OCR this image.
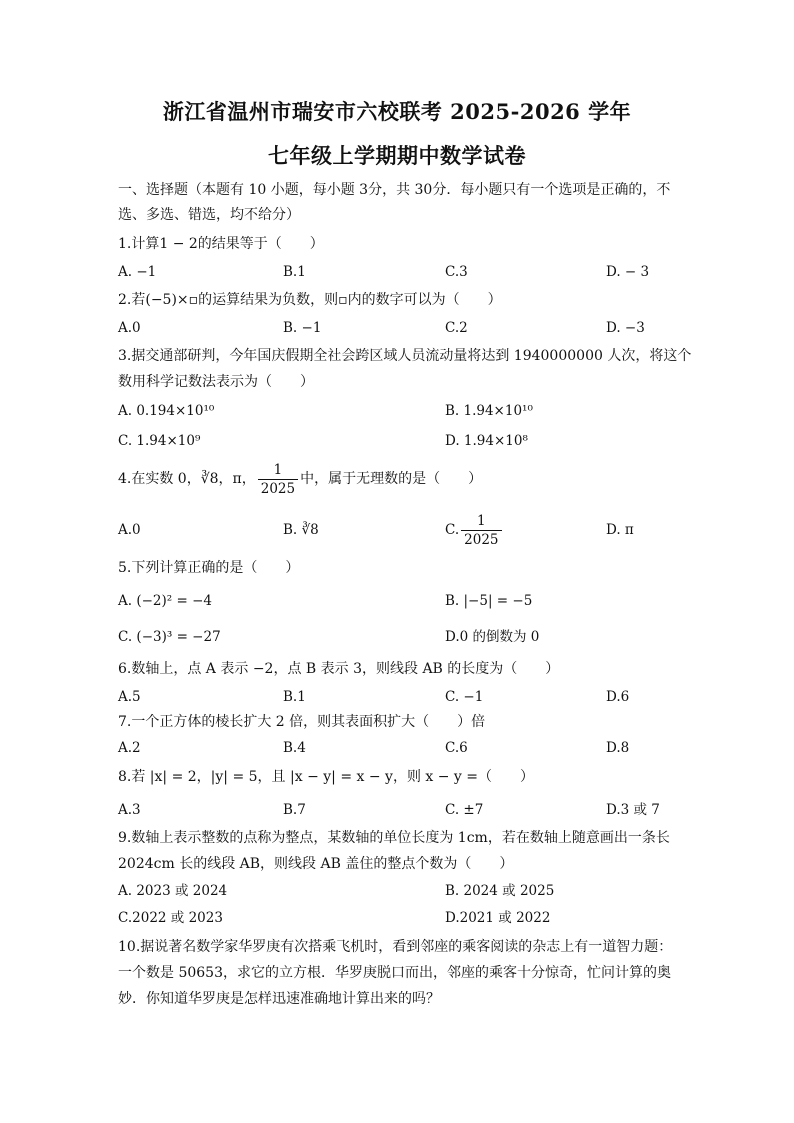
浙江省温州市瑞安市六校联考 2025-2026 学年
七年级上学期期中数学试卷
一、选择题（本题有 10 小题，每小题 3分，共 30分．每小题只有一个选项是正确的，不
选、多选、错选，均不给分）
1.计算1 − 2的结果等于（　　）
A. −1	B.1	C.3	D. − 3
2.若(−5)×▫的运算结果为负数，则▫内的数字可以为（　　）
A.0	B. −1	C.2	D. −3
3.据交通部研判，今年国庆假期全社会跨区域人员流动量将达到 1940000000 人次，将这个
数用科学记数法表示为（　　）
A. 0.194×10¹⁰	B. 1.94×10¹⁰
C. 1.94×10⁹	D. 1.94×10⁸
4.在实数 0，∛8，π， $\frac{1}{2025}$ 中，属于无理数的是（　　）
A.0	B. ∛8	C. $\frac{1}{2025}$	D. π
5.下列计算正确的是（　　）
A. (−2)² = −4	B. |−5| = −5
C. (−3)³ = −27	D.0 的倒数为 0
6.数轴上，点 A 表示 −2，点 B 表示 3，则线段 AB 的长度为（　　）
A.5	B.1	C. −1	D.6
7.一个正方体的棱长扩大 2 倍，则其表面积扩大（　　）倍
A.2	B.4	C.6	D.8
8.若 |x| = 2，|y| = 5，且 |x − y| = x − y，则 x − y =（　　）
A.3	B.7	C. ±7	D.3 或 7
9.数轴上表示整数的点称为整点，某数轴的单位长度为 1cm，若在数轴上随意画出一条长
2024cm 长的线段 AB，则线段 AB 盖住的整点个数为（　　）
A. 2023 或 2024	B. 2024 或 2025
C.2022 或 2023	D.2021 或 2022
10.据说著名数学家华罗庚有次搭乘飞机时，看到邻座的乘客阅读的杂志上有一道智力题：
一个数是 50653，求它的立方根．华罗庚脱口而出，邻座的乘客十分惊奇，忙问计算的奥
妙．你知道华罗庚是怎样迅速准确地计算出来的吗？
